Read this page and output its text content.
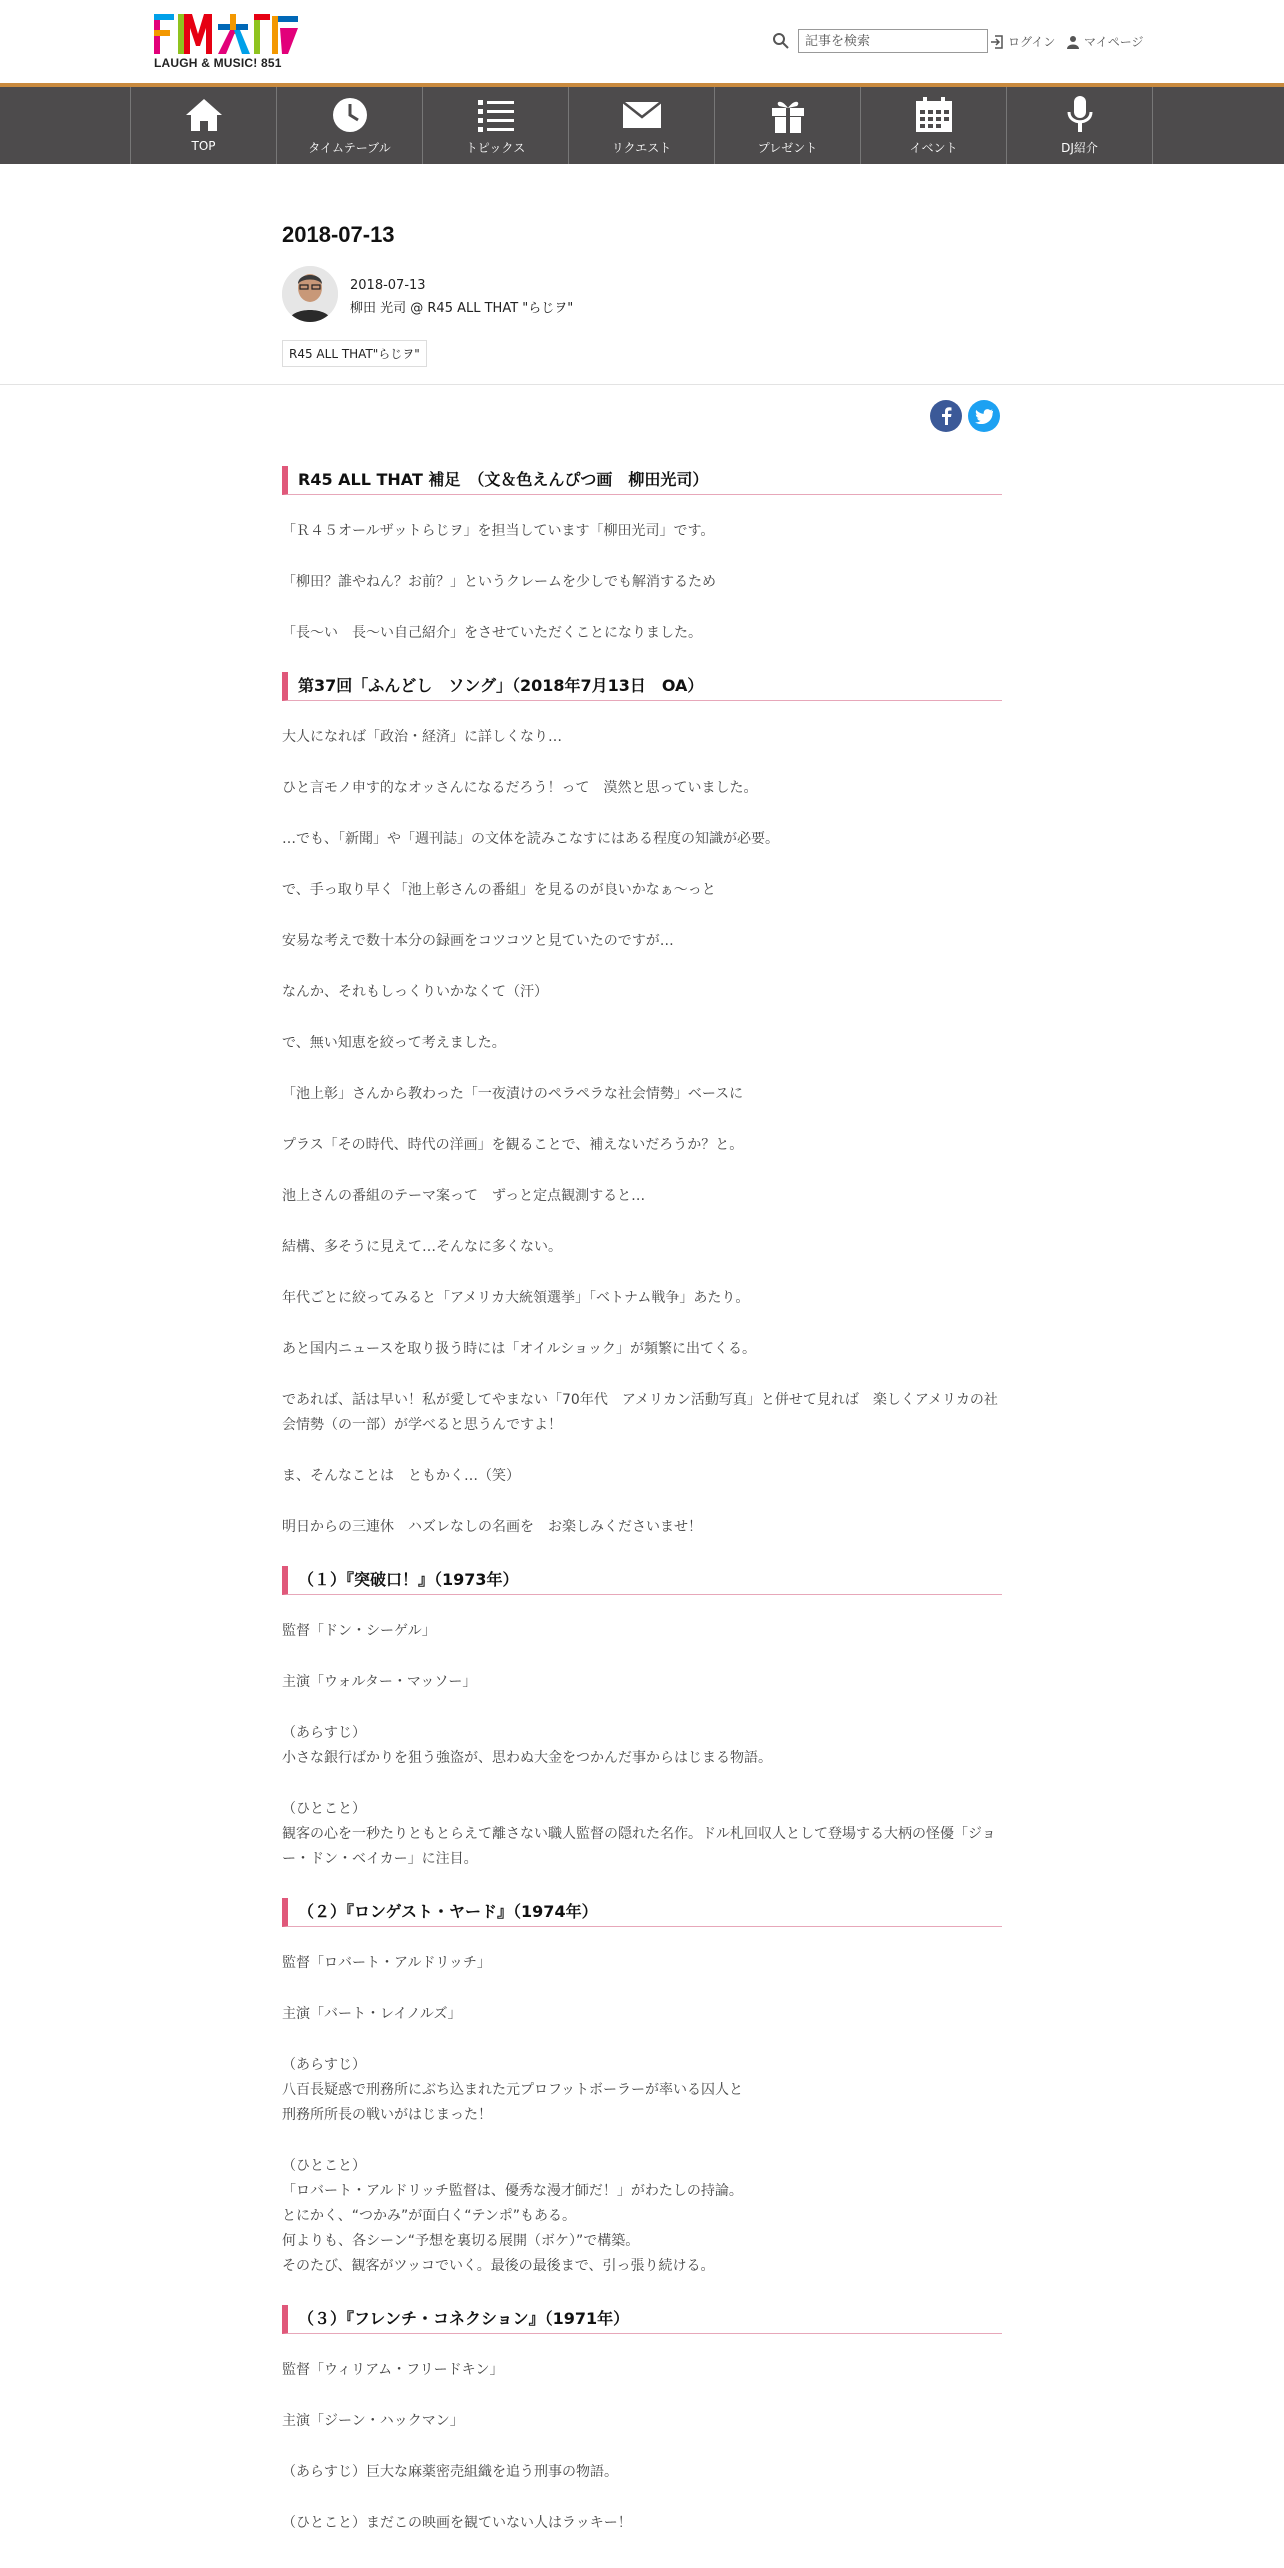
LAUGH & MUSIC! 851
記事を検索
ログイン マイページ
TOP	タイムテーブル	トピックス	リクエスト	プレゼント	イベント	DJ紹介
2018-07-13
2018-07-13
柳田 光司 @ R45 ALL THAT "らじヲ"
R45 ALL THAT"らじヲ"
R45 ALL THAT 補足　（文＆色えんぴつ画　柳田光司）

「Ｒ４５オールザットらじヲ」を担当しています「柳田光司」です。

「柳田？誰やねん？お前？」というクレームを少しでも解消するため

「長～い　長～い自己紹介」をさせていただくことになりました。

第37回「ふんどし　ソング」（2018年7月13日　OA）

大人になれば「政治・経済」に詳しくなり…

ひと言モノ申す的なオッさんになるだろう！って　漠然と思っていました。

…でも、「新聞」や「週刊誌」の文体を読みこなすにはある程度の知識が必要。

で、手っ取り早く「池上彰さんの番組」を見るのが良いかなぁ～っと

安易な考えで数十本分の録画をコツコツと見ていたのですが…

なんか、それもしっくりいかなくて（汗）

で、無い知恵を絞って考えました。

「池上彰」さんから教わった「一夜漬けのペラペラな社会情勢」ベースに

プラス「その時代、時代の洋画」を観ることで、補えないだろうか？と。

池上さんの番組のテーマ案って　ずっと定点観測すると…

結構、多そうに見えて…そんなに多くない。

年代ごとに絞ってみると「アメリカ大統領選挙」「ベトナム戦争」あたり。

あと国内ニュースを取り扱う時には「オイルショック」が頻繁に出てくる。

であれば、話は早い！私が愛してやまない「70年代　アメリカン活動写真」と併せて見れば　楽しくアメリカの社会情勢（の一部）が学べると思うんですよ！

ま、そんなことは　ともかく…（笑）

明日からの三連休　ハズレなしの名画を　お楽しみくださいませ！

（１）『突破口！』（1973年）

監督「ドン・シーゲル」

主演「ウォルター・マッソー」

（あらすじ）
小さな銀行ばかりを狙う強盗が、思わぬ大金をつかんだ事からはじまる物語。

（ひとこと）
観客の心を一秒たりともとらえて離さない職人監督の隠れた名作。ドル札回収人として登場する大柄の怪優「ジョー・ドン・ベイカー」に注目。

（２）『ロンゲスト・ヤード』（1974年）

監督「ロバート・アルドリッチ」

主演「バート・レイノルズ」

（あらすじ）
八百長疑惑で刑務所にぶち込まれた元プロフットボーラーが率いる囚人と
刑務所所長の戦いがはじまった！

（ひとこと）
「ロバート・アルドリッチ監督は、優秀な漫才師だ！」がわたしの持論。
とにかく、“つかみ”が面白く“テンポ”もある。
何よりも、各シーン“予想を裏切る展開（ボケ）”で構築。
そのたび、観客がツッコでいく。最後の最後まで、引っ張り続ける。

（３）『フレンチ・コネクション』（1971年）

監督「ウィリアム・フリードキン」

主演「ジーン・ハックマン」

（あらすじ）巨大な麻薬密売組織を追う刑事の物語。

（ひとこと）まだこの映画を観ていない人はラッキー！
